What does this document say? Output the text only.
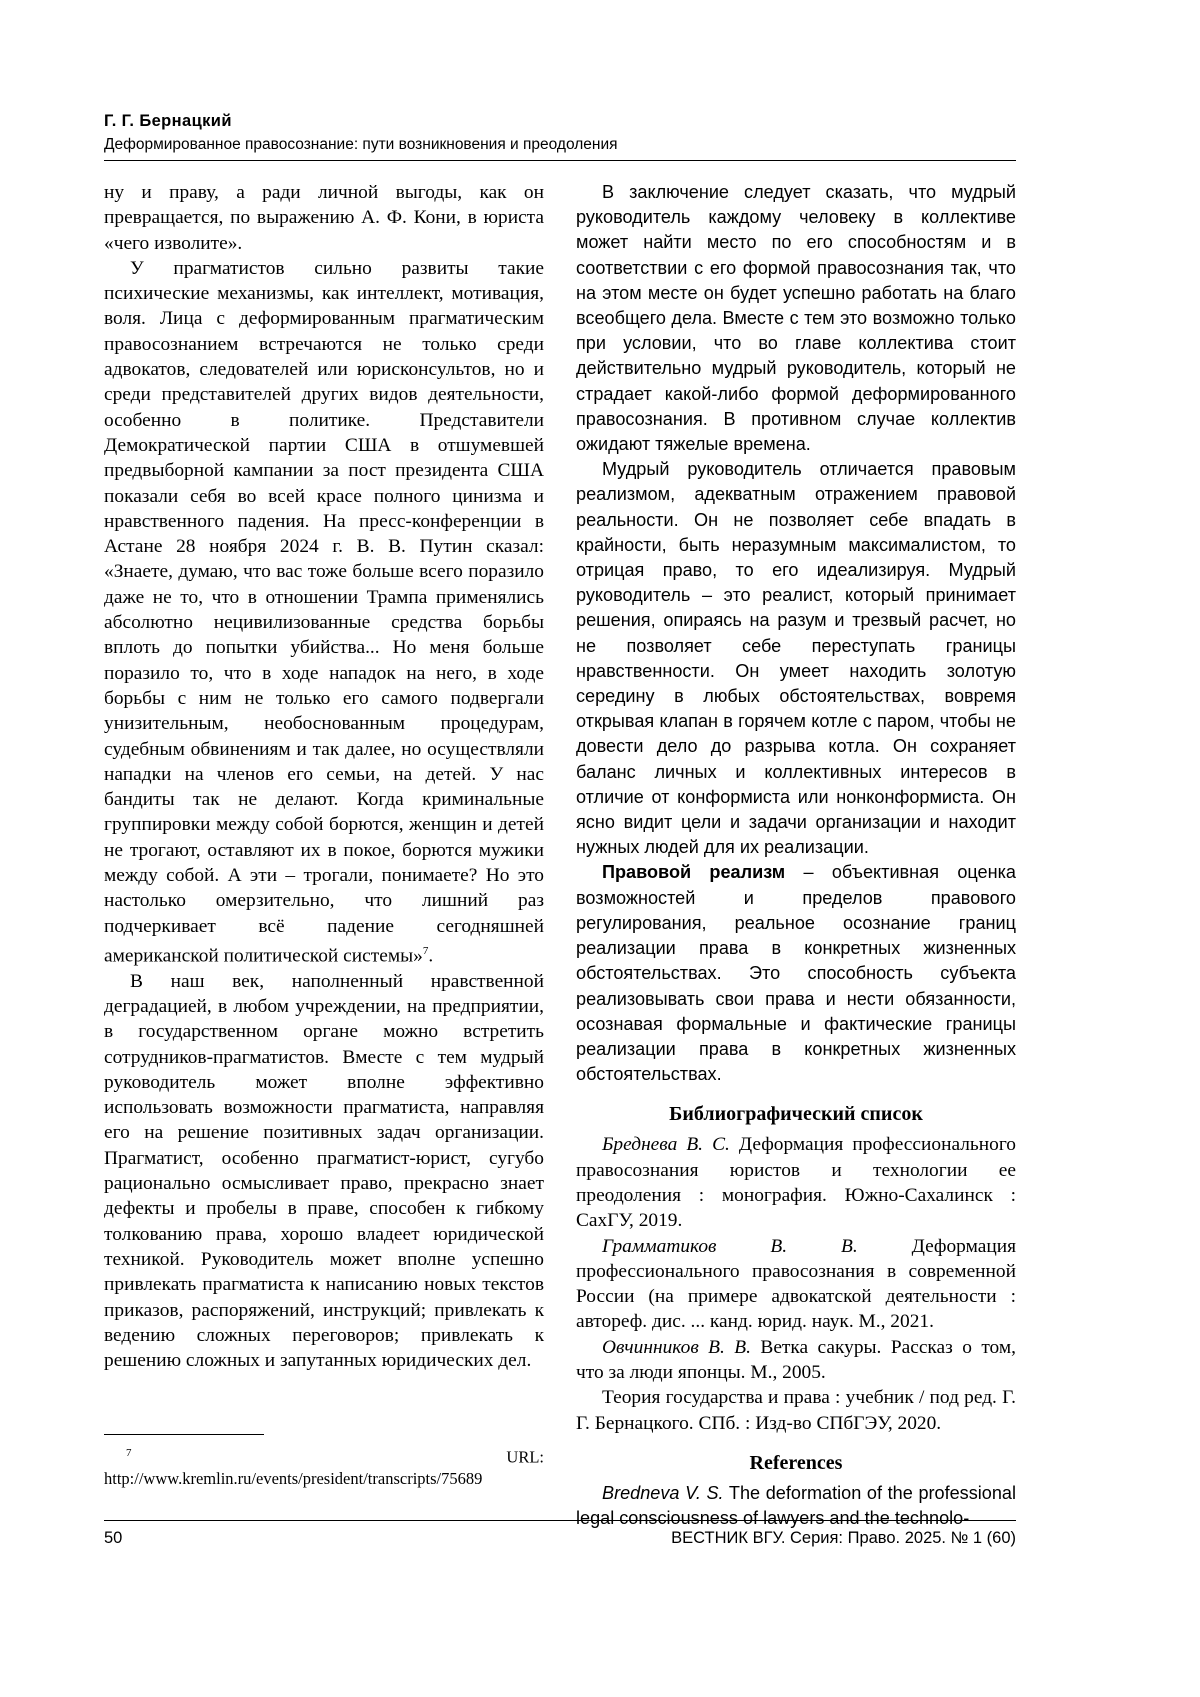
Г. Г. Бернацкий
Деформированное правосознание: пути возникновения и преодоления

ну и праву, а ради личной выгоды, как он превращается, по выражению А. Ф. Кони, в юриста «чего изволите».

У прагматистов сильно развиты такие психические механизмы, как интеллект, мотивация, воля. Лица с деформированным прагматическим правосознанием встречаются не только среди адвокатов, следователей или юрисконсультов, но и среди представителей других видов деятельности, особенно в политике. Представители Демократической партии США в отшумевшей предвыборной кампании за пост президента США показали себя во всей красе полного цинизма и нравственного падения. На пресс-конференции в Астане 28 ноября 2024 г. В. В. Путин сказал: «Знаете, думаю, что вас тоже больше всего поразило даже не то, что в отношении Трампа применялись абсолютно нецивилизованные средства борьбы вплоть до попытки убийства... Но меня больше поразило то, что в ходе нападок на него, в ходе борьбы с ним не только его самого подвергали унизительным, необоснованным процедурам, судебным обвинениям и так далее, но осуществляли нападки на членов его семьи, на детей. У нас бандиты так не делают. Когда криминальные группировки между собой борются, женщин и детей не трогают, оставляют их в покое, борются мужики между собой. А эти – трогали, понимаете? Но это настолько омерзительно, что лишний раз подчеркивает всё падение сегодняшней американской политической системы»$^7$.

В наш век, наполненный нравственной деградацией, в любом учреждении, на предприятии, в государственном органе можно встретить сотрудников-прагматистов. Вместе с тем мудрый руководитель может вполне эффективно использовать возможности прагматиста, направляя его на решение позитивных задач организации. Прагматист, особенно прагматист-юрист, сугубо рационально осмысливает право, прекрасно знает дефекты и пробелы в праве, способен к гибкому толкованию права, хорошо владеет юридической техникой. Руководитель может вполне успешно привлекать прагматиста к написанию новых текстов приказов, распоряжений, инструкций; привлекать к ведению сложных переговоров; привлекать к решению сложных и запутанных юридических дел.

$^7$	URL: http://www.kremlin.ru/events/president/transcripts/75689

В заключение следует сказать, что мудрый руководитель каждому человеку в коллективе может найти место по его способностям и в соответствии с его формой правосознания так, что на этом месте он будет успешно работать на благо всеобщего дела. Вместе с тем это возможно только при условии, что во главе коллектива стоит действительно мудрый руководитель, который не страдает какой-либо формой деформированного правосознания. В противном случае коллектив ожидают тяжелые времена.

Мудрый руководитель отличается правовым реализмом, адекватным отражением правовой реальности. Он не позволяет себе впадать в крайности, быть неразумным максималистом, то отрицая право, то его идеализируя. Мудрый руководитель – это реалист, который принимает решения, опираясь на разум и трезвый расчет, но не позволяет себе переступать границы нравственности. Он умеет находить золотую середину в любых обстоятельствах, вовремя открывая клапан в горячем котле с паром, чтобы не довести дело до разрыва котла. Он сохраняет баланс личных и коллективных интересов в отличие от конформиста или нонконформиста. Он ясно видит цели и задачи организации и находит нужных людей для их реализации.

Правовой реализм – объективная оценка возможностей и пределов правового регулирования, реальное осознание границ реализации права в конкретных жизненных обстоятельствах. Это способность субъекта реализовывать свои права и нести обязанности, осознавая формальные и фактические границы реализации права в конкретных жизненных обстоятельствах.

Библиографический список

Бреднева В. С. Деформация профессионального правосознания юристов и технологии ее преодоления : монография. Южно-Сахалинск : СахГУ, 2019.

Грамматиков В. В. Деформация профессионального правосознания в современной России (на примере адвокатской деятельности : автореф. дис. ... канд. юрид. наук. М., 2021.

Овчинников В. В. Ветка сакуры. Рассказ о том, что за люди японцы. М., 2005.

Теория государства и права : учебник / под ред. Г. Г. Бернацкого. СПб. : Изд-во СПбГЭУ, 2020.

References

Bredneva V. S. The deformation of the professional legal consciousness of lawyers and the technolo-

50	ВЕСТНИК ВГУ. Серия: Право. 2025. № 1 (60)
